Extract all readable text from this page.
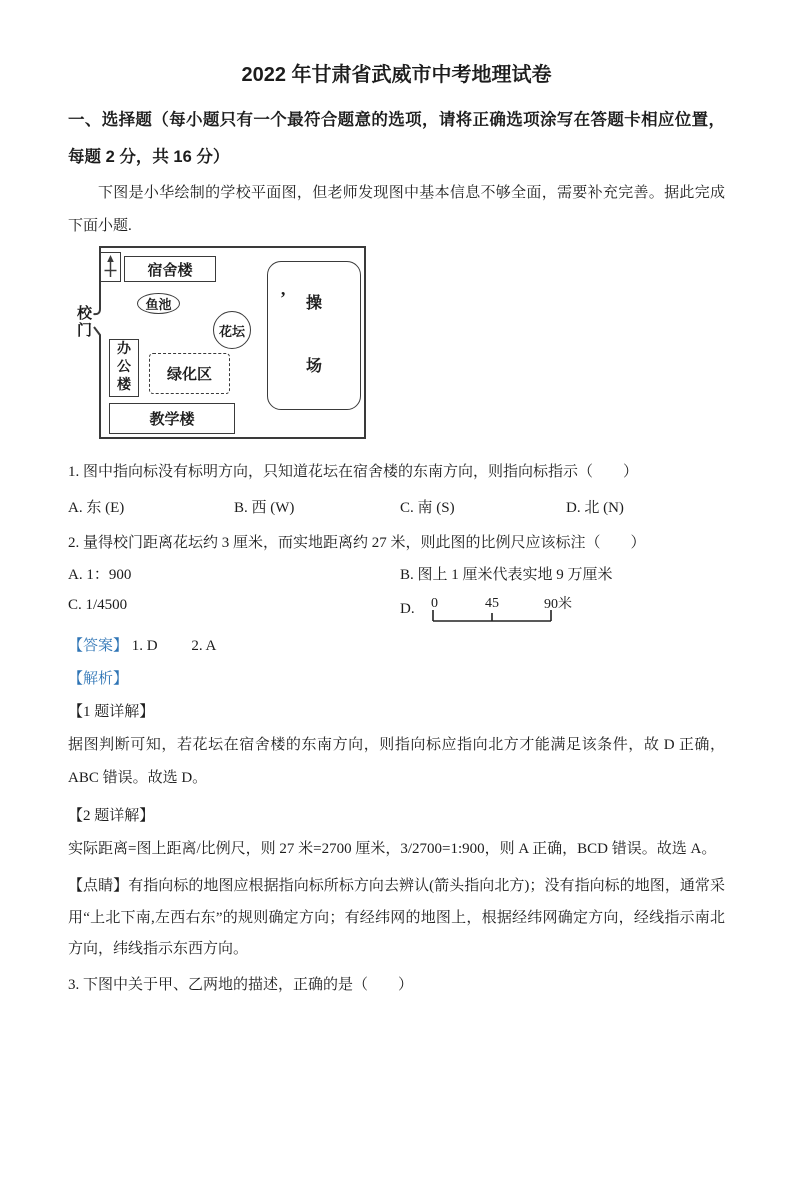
2022 年甘肃省武威市中考地理试卷
一、选择题（每小题只有一个最符合题意的选项，请将正确选项涂写在答题卡相应位置，每题 2 分，共 16 分）
下图是小华绘制的学校平面图，但老师发现图中基本信息不够全面，需要补充完善。据此完成下面小题.
宿舍楼
鱼池
花坛
办公楼
绿化区
教学楼
’	操
场
校门
1. 图中指向标没有标明方向，只知道花坛在宿舍楼的东南方向，则指向标指示（　　）
A. 东 (E)	B. 西 (W)	C. 南 (S)	D. 北 (N)
2. 量得校门距离花坛约 3 厘米，而实地距离约 27 米，则此图的比例尺应该标注（　　）
A. 1：900	B. 图上 1 厘米代表实地 9 万厘米
C. 1/4500	D. 0	45	90米
【答案】 1. D 2. A
【解析】
【1 题详解】
据图判断可知，若花坛在宿舍楼的东南方向，则指向标应指向北方才能满足该条件，故 D 正确，ABC 错误。故选 D。
【2 题详解】
实际距离=图上距离/比例尺，则 27 米=2700 厘米，3/2700=1:900，则 A 正确，BCD 错误。故选 A。
【点睛】有指向标的地图应根据指向标所标方向去辨认(箭头指向北方)；没有指向标的地图，通常采用“上北下南,左西右东”的规则确定方向；有经纬网的地图上，根据经纬网确定方向，经线指示南北方向，纬线指示东西方向。
3. 下图中关于甲、乙两地的描述，正确的是（　　）
